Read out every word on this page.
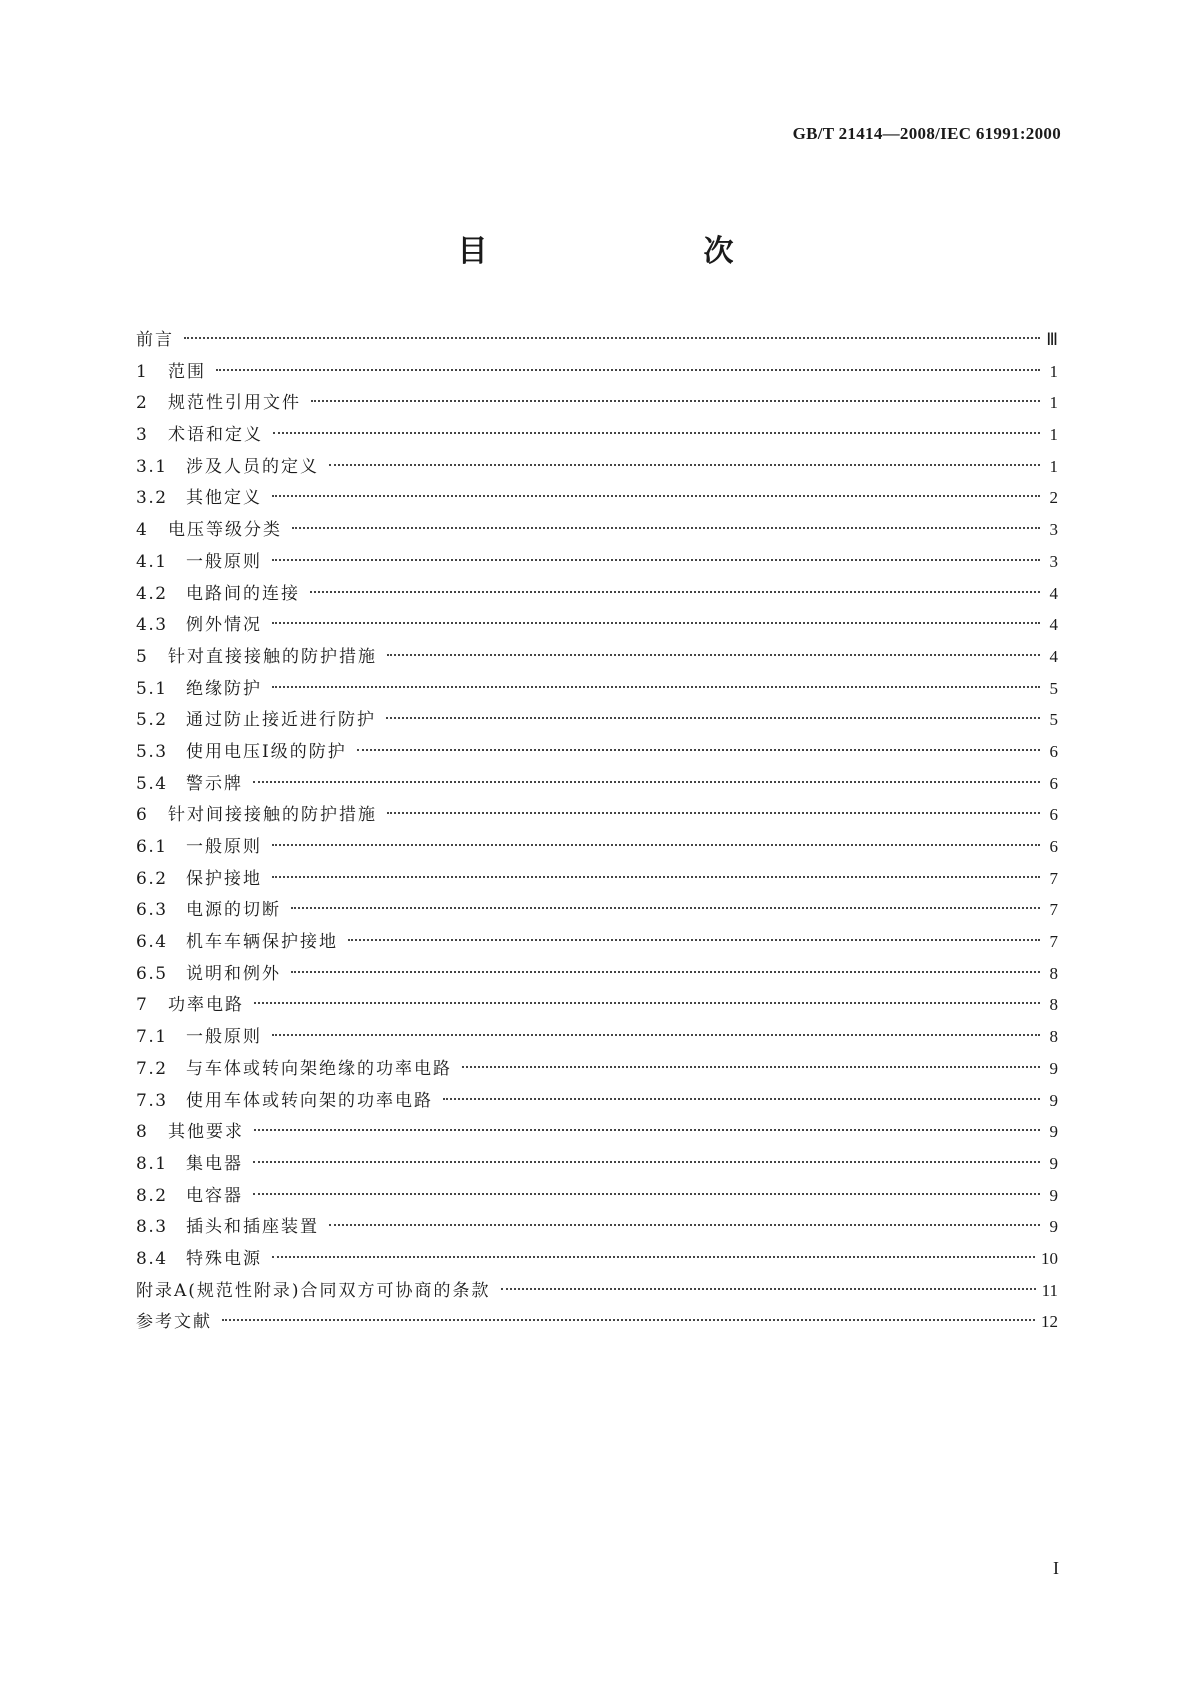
GB/T 21414—2008/IEC 61991:2000
目　　次
前言	Ⅲ
1	范围	1
2	规范性引用文件	1
3	术语和定义	1
3.1	涉及人员的定义	1
3.2	其他定义	2
4	电压等级分类	3
4.1	一般原则	3
4.2	电路间的连接	4
4.3	例外情况	4
5	针对直接接触的防护措施	4
5.1	绝缘防护	5
5.2	通过防止接近进行防护	5
5.3	使用电压Ⅰ级的防护	6
5.4	警示牌	6
6	针对间接接触的防护措施	6
6.1	一般原则	6
6.2	保护接地	7
6.3	电源的切断	7
6.4	机车车辆保护接地	7
6.5	说明和例外	8
7	功率电路	8
7.1	一般原则	8
7.2	与车体或转向架绝缘的功率电路	9
7.3	使用车体或转向架的功率电路	9
8	其他要求	9
8.1	集电器	9
8.2	电容器	9
8.3	插头和插座装置	9
8.4	特殊电源	10
附录A(规范性附录)合同双方可协商的条款	11
参考文献	12
I
